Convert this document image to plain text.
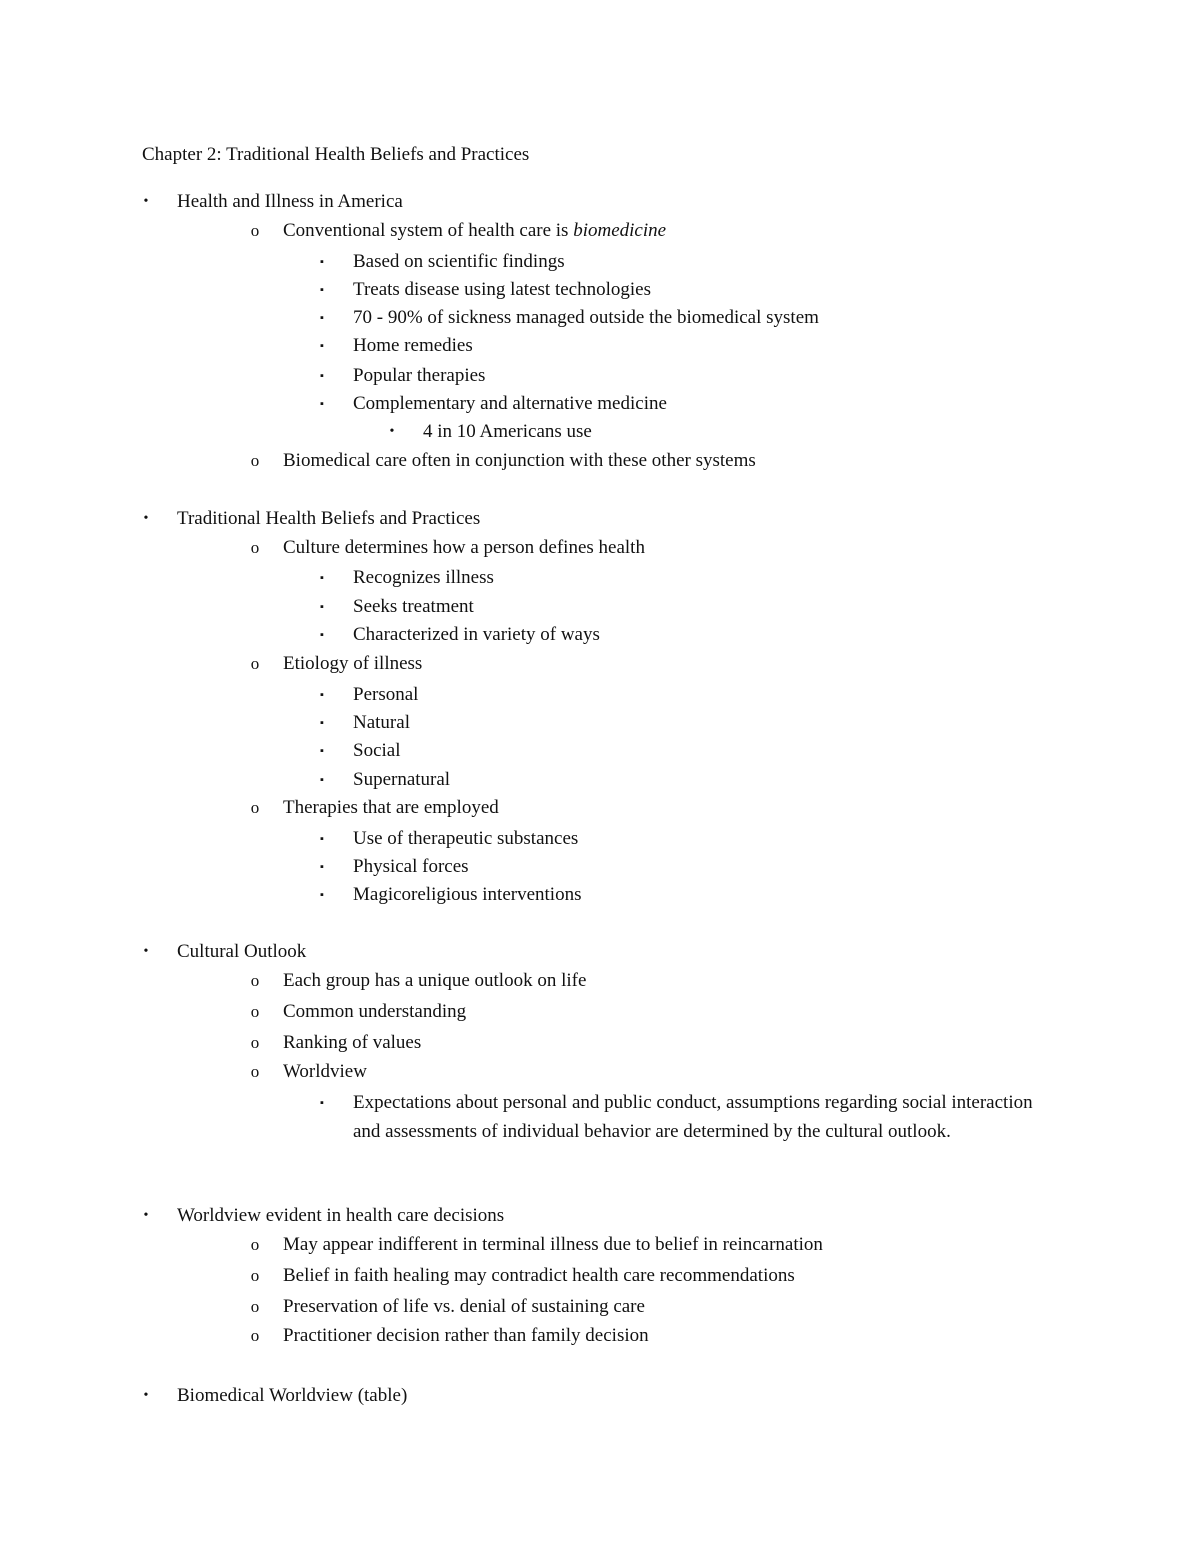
Chapter 2: Traditional Health Beliefs and Practices
• Health and Illness in America
o Conventional system of health care is biomedicine
▪ Based on scientific findings
▪ Treats disease using latest technologies
▪ 70 - 90% of sickness managed outside the biomedical system
▪ Home remedies
▪ Popular therapies
▪ Complementary and alternative medicine
• 4 in 10 Americans use
o Biomedical care often in conjunction with these other systems
• Traditional Health Beliefs and Practices
o Culture determines how a person defines health
▪ Recognizes illness
▪ Seeks treatment
▪ Characterized in variety of ways
o Etiology of illness
▪ Personal
▪ Natural
▪ Social
▪ Supernatural
o Therapies that are employed
▪ Use of therapeutic substances
▪ Physical forces
▪ Magicoreligious interventions
• Cultural Outlook
o Each group has a unique outlook on life
o Common understanding
o Ranking of values
o Worldview
▪ Expectations about personal and public conduct, assumptions regarding social interaction and assessments of individual behavior are determined by the cultural outlook.
• Worldview evident in health care decisions
o May appear indifferent in terminal illness due to belief in reincarnation
o Belief in faith healing may contradict health care recommendations
o Preservation of life vs. denial of sustaining care
o Practitioner decision rather than family decision
• Biomedical Worldview (table)
